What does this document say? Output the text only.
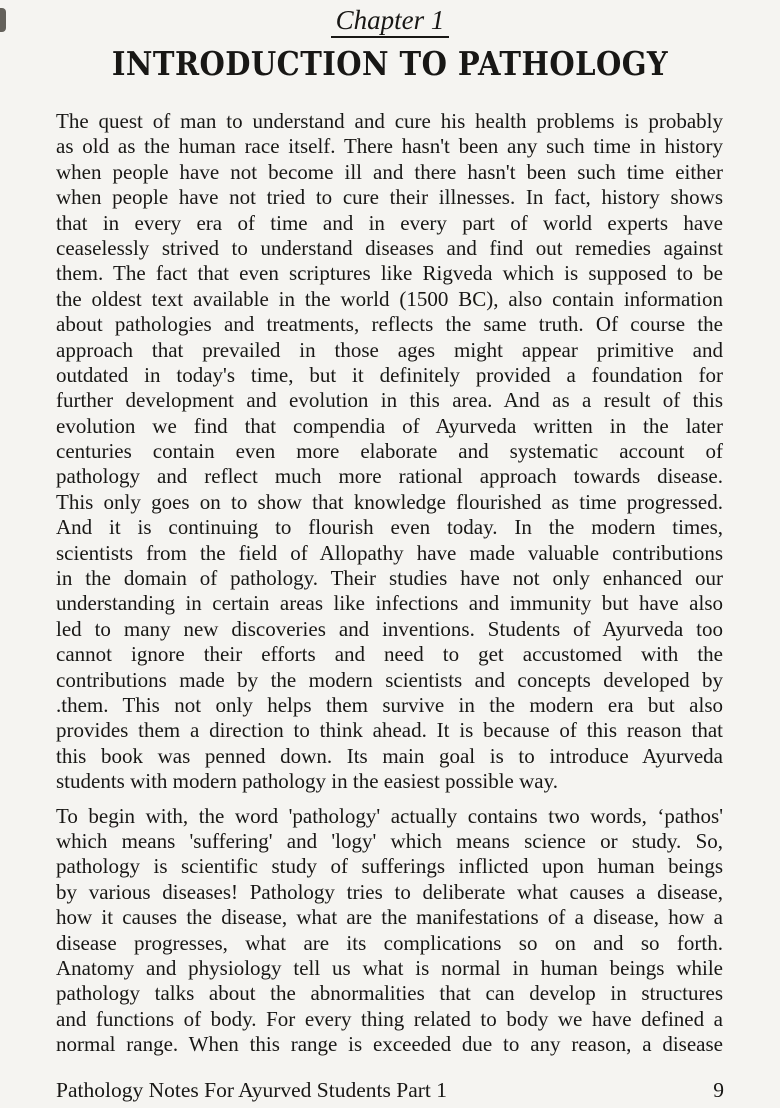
Chapter 1
INTRODUCTION TO PATHOLOGY
The quest of man to understand and cure his health problems is probably
as old as the human race itself. There hasn't been any such time in history
when people have not become ill and there hasn't been such time either
when people have not tried to cure their illnesses. In fact, history shows
that in every era of time and in every part of world experts have
ceaselessly strived to understand diseases and find out remedies against
them. The fact that even scriptures like Rigveda which is supposed to be
the oldest text available in the world (1500 BC), also contain information
about pathologies and treatments, reflects the same truth. Of course the
approach that prevailed in those ages might appear primitive and
outdated in today's time, but it definitely provided a foundation for
further development and evolution in this area. And as a result of this
evolution we find that compendia of Ayurveda written in the later
centuries contain even more elaborate and systematic account of
pathology and reflect much more rational approach towards disease.
This only goes on to show that knowledge flourished as time progressed.
And it is continuing to flourish even today. In the modern times,
scientists from the field of Allopathy have made valuable contributions
in the domain of pathology. Their studies have not only enhanced our
understanding in certain areas like infections and immunity but have also
led to many new discoveries and inventions. Students of Ayurveda too
cannot ignore their efforts and need to get accustomed with the
contributions made by the modern scientists and concepts developed by
.them. This not only helps them survive in the modern era but also
provides them a direction to think ahead. It is because of this reason that
this book was penned down. Its main goal is to introduce Ayurveda
students with modern pathology in the easiest possible way.
To begin with, the word 'pathology' actually contains two words, ‘pathos'
which means 'suffering' and 'logy' which means science or study. So,
pathology is scientific study of sufferings inflicted upon human beings
by various diseases! Pathology tries to deliberate what causes a disease,
how it causes the disease, what are the manifestations of a disease, how a
disease progresses, what are its complications so on and so forth.
Anatomy and physiology tell us what is normal in human beings while
pathology talks about the abnormalities that can develop in structures
and functions of body. For every thing related to body we have defined a
normal range. When this range is exceeded due to any reason, a disease
Pathology Notes For Ayurved Students Part 1	9
